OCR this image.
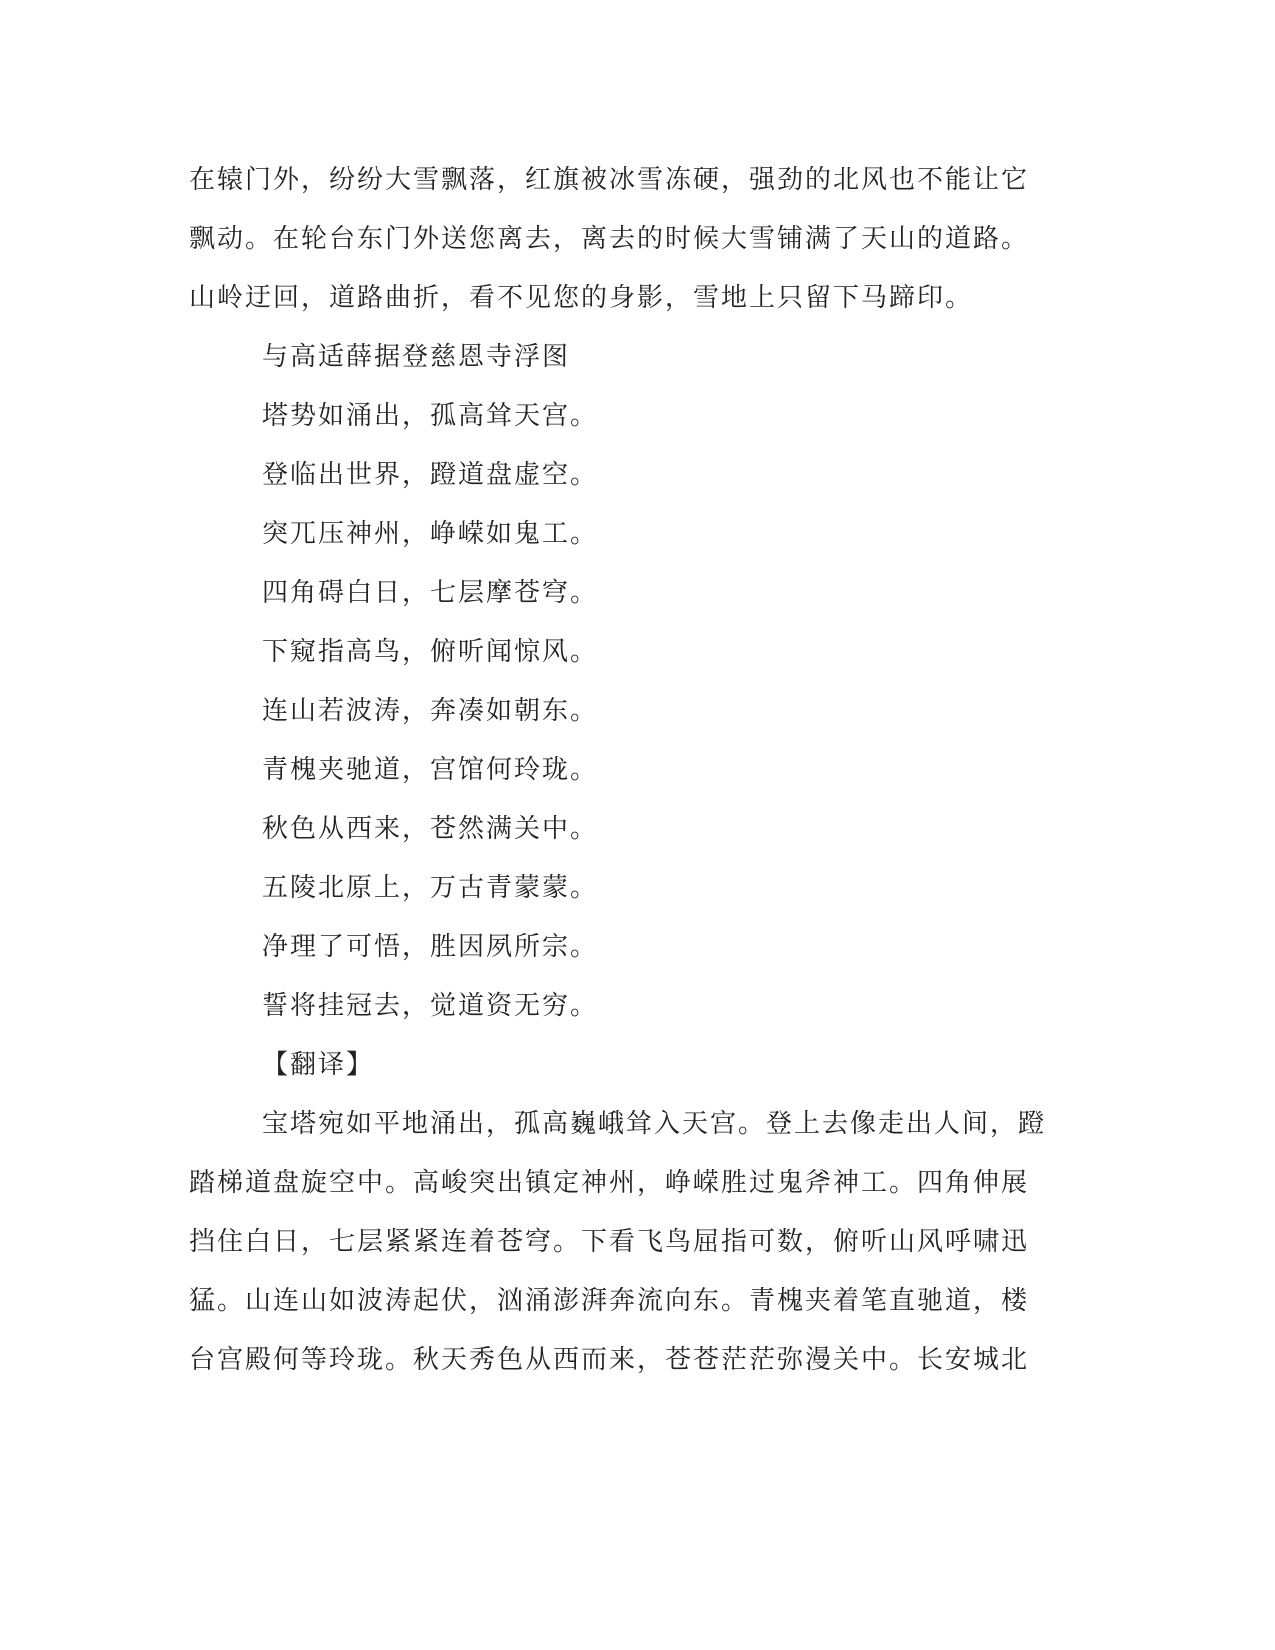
在辕门外，纷纷大雪飘落，红旗被冰雪冻硬，强劲的北风也不能让它
飘动。在轮台东门外送您离去，离去的时候大雪铺满了天山的道路。
山岭迂回，道路曲折，看不见您的身影，雪地上只留下马蹄印。
与高适薛据登慈恩寺浮图
塔势如涌出，孤高耸天宫。
登临出世界，蹬道盘虚空。
突兀压神州，峥嵘如鬼工。
四角碍白日，七层摩苍穹。
下窥指高鸟，俯听闻惊风。
连山若波涛，奔凑如朝东。
青槐夹驰道，宫馆何玲珑。
秋色从西来，苍然满关中。
五陵北原上，万古青蒙蒙。
净理了可悟，胜因夙所宗。
誓将挂冠去，觉道资无穷。
【翻译】
宝塔宛如平地涌出，孤高巍峨耸入天宫。登上去像走出人间，蹬
踏梯道盘旋空中。高峻突出镇定神州，峥嵘胜过鬼斧神工。四角伸展
挡住白日，七层紧紧连着苍穹。下看飞鸟屈指可数，俯听山风呼啸迅
猛。山连山如波涛起伏，汹涌澎湃奔流向东。青槐夹着笔直驰道，楼
台宫殿何等玲珑。秋天秀色从西而来，苍苍茫茫弥漫关中。长安城北
